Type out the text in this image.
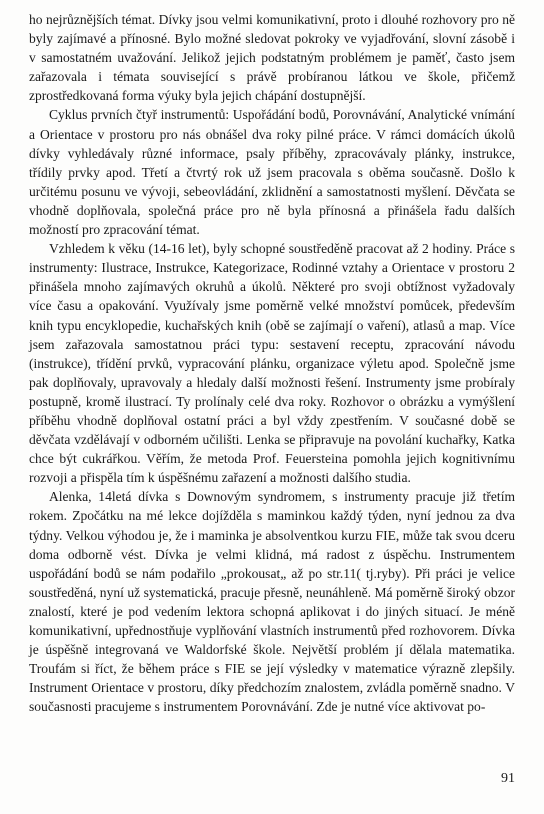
ho nejrůznějších témat. Dívky jsou velmi komunikativní, proto i dlouhé rozhovory pro ně byly zajímavé a přínosné. Bylo možné sledovat pokroky ve vyjadřování, slovní zásobě i v samostatném uvažování. Jelikož jejich podstatným problémem je paměť, často jsem zařazovala i témata související s právě probíranou látkou ve škole, přičemž zprostředkovaná forma výuky byla jejich chápání dostupnější.

Cyklus prvních čtyř instrumentů: Uspořádání bodů, Porovnávání, Analytické vnímání a Orientace v prostoru pro nás obnášel dva roky pilné práce. V rámci domácích úkolů dívky vyhledávaly různé informace, psaly příběhy, zpracovávaly plánky, instrukce, třídily prvky apod. Třetí a čtvrtý rok už jsem pracovala s oběma současně. Došlo k určitému posunu ve vývoji, sebeovládání, zklidnění a samostatnosti myšlení. Děvčata se vhodně doplňovala, společná práce pro ně byla přínosná a přinášela řadu dalších možností pro zpracování témat.

Vzhledem k věku (14-16 let), byly schopné soustředěně pracovat až 2 hodiny. Práce s instrumenty: Ilustrace, Instrukce, Kategorizace, Rodinné vztahy a Orientace v prostoru 2 přinášela mnoho zajímavých okruhů a úkolů. Některé pro svoji obtížnost vyžadovaly více času a opakování. Využívaly jsme poměrně velké množství pomůcek, především knih typu encyklopedie, kuchařských knih (obě se zajímají o vaření), atlasů a map. Více jsem zařazovala samostatnou práci typu: sestavení receptu, zpracování návodu (instrukce), třídění prvků, vypracování plánku, organizace výletu apod. Společně jsme pak doplňovaly, upravovaly a hledaly další možnosti řešení. Instrumenty jsme probíraly postupně, kromě ilustrací. Ty prolínaly celé dva roky. Rozhovor o obrázku a vymýšlení příběhu vhodně doplňoval ostatní práci a byl vždy zpestřením. V současné době se děvčata vzdělávají v odborném učilišti. Lenka se připravuje na povolání kuchařky, Katka chce být cukrářkou. Věřím, že metoda Prof. Feuersteina pomohla jejich kognitivnímu rozvoji a přispěla tím k úspěšnému zařazení a možnosti dalšího studia.

Alenka, 14letá dívka s Downovým syndromem, s instrumenty pracuje již třetím rokem. Zpočátku na mé lekce dojížděla s maminkou každý týden, nyní jednou za dva týdny. Velkou výhodou je, že i maminka je absolventkou kurzu FIE, může tak svou dceru doma odborně vést. Dívka je velmi klidná, má radost z úspěchu. Instrumentem uspořádání bodů se nám podařilo „prokousat„ až po str.11( tj.ryby). Při práci je velice soustředěná, nyní už systematická, pracuje přesně, neunáhleně. Má poměrně široký obzor znalostí, které je pod vedením lektora schopná aplikovat i do jiných situací. Je méně komunikativní, upřednostňuje vyplňování vlastních instrumentů před rozhovorem. Dívka je úspěšně integrovaná ve Waldorfské škole. Největší problém jí dělala matematika. Troufám si říct, že během práce s FIE se její výsledky v matematice výrazně zlepšily. Instrument Orientace v prostoru, díky předchozím znalostem, zvládla poměrně snadno. V současnosti pracujeme s instrumentem Porovnávání. Zde je nutné více aktivovat po-

91
